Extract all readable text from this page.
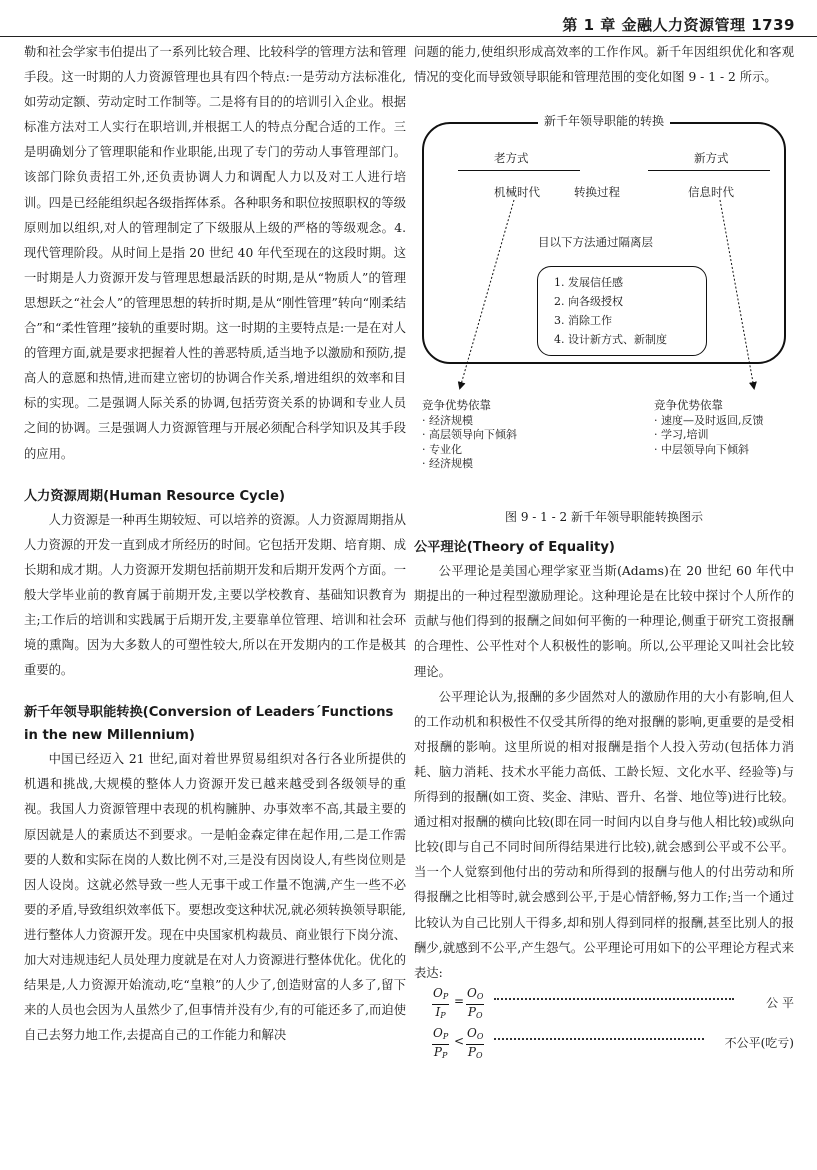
第 1 章 金融人力资源管理 1739

勒和社会学家韦伯提出了一系列比较合理、比较科学的管理方法和管理手段。这一时期的人力资源管理也具有四个特点:一是劳动方法标准化,如劳动定额、劳动定时工作制等。二是将有目的的培训引入企业。根据标准方法对工人实行在职培训,并根据工人的特点分配合适的工作。三是明确划分了管理职能和作业职能,出现了专门的劳动人事管理部门。该部门除负责招工外,还负责协调人力和调配人力以及对工人进行培训。四是已经能组织起各级指挥体系。各种职务和职位按照职权的等级原则加以组织,对人的管理制定了下级服从上级的严格的等级观念。4. 现代管理阶段。从时间上是指 20 世纪 40 年代至现在的这段时期。这一时期是人力资源开发与管理思想最活跃的时期,是从“物质人”的管理思想跃之“社会人”的管理思想的转折时期,是从“刚性管理”转向“刚柔结合”和“柔性管理”接轨的重要时期。这一时期的主要特点是:一是在对人的管理方面,就是要求把握着人性的善恶特质,适当地予以激励和预防,提高人的意愿和热情,进而建立密切的协调合作关系,增进组织的效率和目标的实现。二是强调人际关系的协调,包括劳资关系的协调和专业人员之间的协调。三是强调人力资源管理与开展必须配合科学知识及其手段的应用。

人力资源周期(Human Resource Cycle)

人力资源是一种再生期较短、可以培养的资源。人力资源周期指从人力资源的开发一直到成才所经历的时间。它包括开发期、培育期、成长期和成才期。人力资源开发期包括前期开发和后期开发两个方面。一般大学毕业前的教育属于前期开发,主要以学校教育、基础知识教育为主;工作后的培训和实践属于后期开发,主要靠单位管理、培训和社会环境的熏陶。因为大多数人的可塑性较大,所以在开发期内的工作是极其重要的。

新千年领导职能转换(Conversion of Leaders´Functions in the new Millennium)

中国已经迈入 21 世纪,面对着世界贸易组织对各行各业所提供的机遇和挑战,大规模的整体人力资源开发已越来越受到各级领导的重视。我国人力资源管理中表现的机构臃肿、办事效率不高,其最主要的原因就是人的素质达不到要求。一是帕金森定律在起作用,二是工作需要的人数和实际在岗的人数比例不对,三是没有因岗设人,有些岗位则是因人设岗。这就必然导致一些人无事干或工作量不饱满,产生一些不必要的矛盾,导致组织效率低下。要想改变这种状况,就必须转换领导职能,进行整体人力资源开发。现在中央国家机构裁员、商业银行下岗分流、加大对违规违纪人员处理力度就是在对人力资源进行整体优化。优化的结果是,人力资源开始流动,吃“皇粮”的人少了,创造财富的人多了,留下来的人员也会因为人虽然少了,但事情并没有少,有的可能还多了,而迫使自己去努力地工作,去提高自己的工作能力和解决

问题的能力,使组织形成高效率的工作作风。新千年因组织优化和客观情况的变化而导致领导职能和管理范围的变化如图 9 - 1 - 2 所示。

新千年领导职能的转换
老方式	新方式
机械时代	转换过程	信息时代
目以下方法通过隔离层
1. 发展信任感
2. 向各级授权
3. 消除工作
4. 设计新方式、新制度
竞争优势依靠
· 经济规模
· 高层领导向下倾斜
· 专业化
· 经济规模
竞争优势依靠
· 速度—及时返回,反馈
· 学习,培训
· 中层领导向下倾斜
图 9 - 1 - 2 新千年领导职能转换图示
公平理论(Theory of Equality)

公平理论是美国心理学家亚当斯(Adams)在 20 世纪 60 年代中期提出的一种过程型激励理论。这种理论是在比较中探讨个人所作的贡献与他们得到的报酬之间如何平衡的一种理论,侧重于研究工资报酬的合理性、公平性对个人积极性的影响。所以,公平理论又叫社会比较理论。

公平理论认为,报酬的多少固然对人的激励作用的大小有影响,但人的工作动机和积极性不仅受其所得的绝对报酬的影响,更重要的是受相对报酬的影响。这里所说的相对报酬是指个人投入劳动(包括体力消耗、脑力消耗、技术水平能力高低、工龄长短、文化水平、经验等)与所得到的报酬(如工资、奖金、津贴、晋升、名誉、地位等)进行比较。通过相对报酬的横向比较(即在同一时间内以自身与他人相比较)或纵向比较(即与自己不同时间所得结果进行比较),就会感到公平或不公平。当一个人觉察到他付出的劳动和所得到的报酬与他人的付出劳动和所得报酬之比相等时,就会感到公平,于是心情舒畅,努力工作;当一个通过比较认为自己比别人干得多,却和别人得到同样的报酬,甚至比别人的报酬少,就感到不公平,产生怨气。公平理论可用如下的公平理论方程式来表达:

$\frac{O_P}{I_P} = \frac{O_O}{P_O}$	公 平
$\frac{O_P}{P_P} < \frac{O_O}{P_O}$	不公平(吃亏)
